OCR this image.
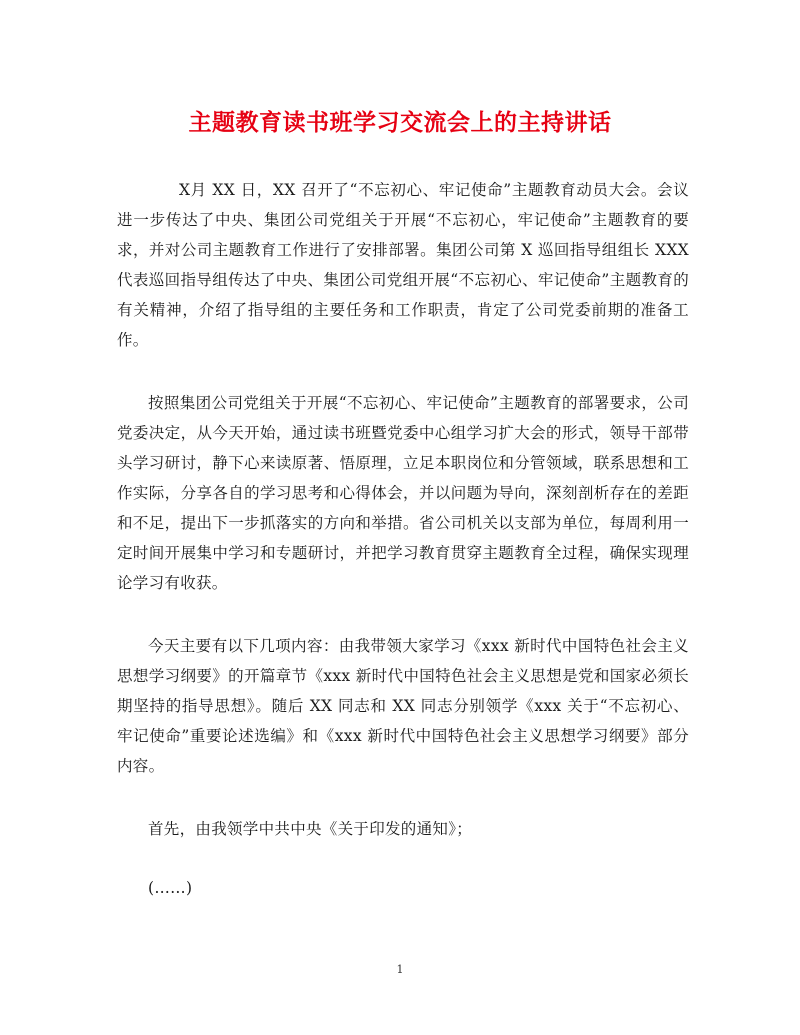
主题教育读书班学习交流会上的主持讲话

X月 XX 日，XX 召开了“不忘初心、牢记使命”主题教育动员大会。会议进一步传达了中央、集团公司党组关于开展“不忘初心，牢记使命”主题教育的要求，并对公司主题教育工作进行了安排部署。集团公司第 X 巡回指导组组长 XXX 代表巡回指导组传达了中央、集团公司党组开展“不忘初心、牢记使命”主题教育的有关精神，介绍了指导组的主要任务和工作职责，肯定了公司党委前期的准备工作。

按照集团公司党组关于开展“不忘初心、牢记使命”主题教育的部署要求，公司党委决定，从今天开始，通过读书班暨党委中心组学习扩大会的形式，领导干部带头学习研讨，静下心来读原著、悟原理，立足本职岗位和分管领域，联系思想和工作实际，分享各自的学习思考和心得体会，并以问题为导向，深刻剖析存在的差距和不足，提出下一步抓落实的方向和举措。省公司机关以支部为单位，每周利用一定时间开展集中学习和专题研讨，并把学习教育贯穿主题教育全过程，确保实现理论学习有收获。

今天主要有以下几项内容：由我带领大家学习《xxx 新时代中国特色社会主义思想学习纲要》的开篇章节《xxx 新时代中国特色社会主义思想是党和国家必须长期坚持的指导思想》。随后 XX 同志和 XX 同志分别领学《xxx 关于“不忘初心、牢记使命”重要论述选编》和《xxx 新时代中国特色社会主义思想学习纲要》部分内容。

首先，由我领学中共中央《关于印发的通知》；

(……)

1
